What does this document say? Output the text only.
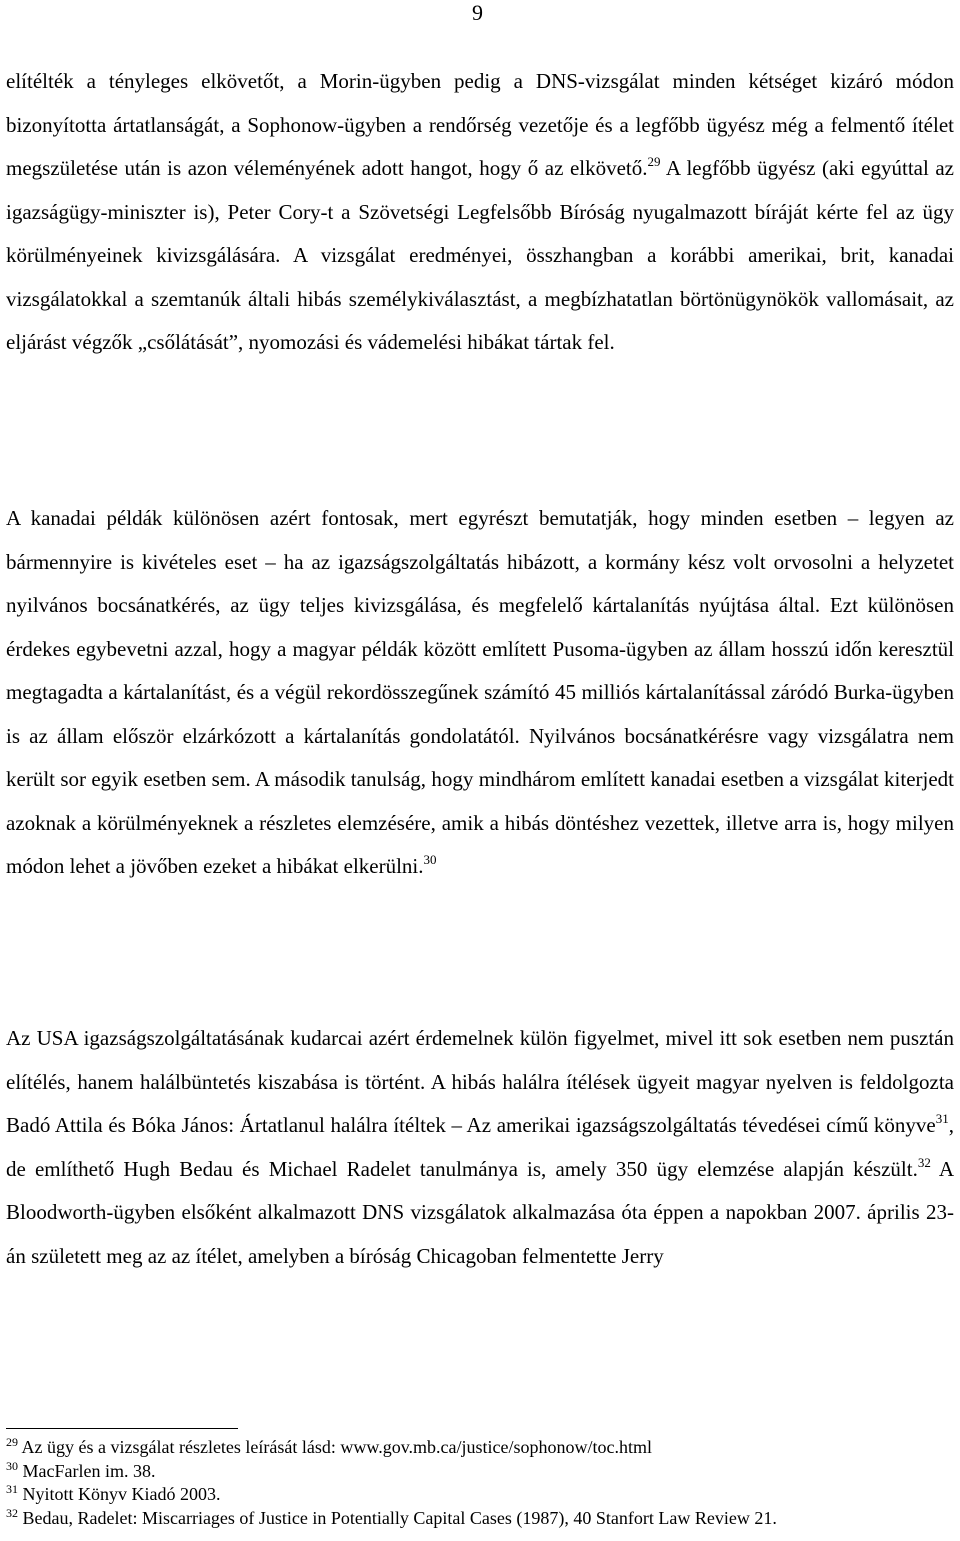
9

elítélték a tényleges elkövetőt, a Morin-ügyben pedig a DNS-vizsgálat minden kétséget kizáró módon bizonyította ártatlanságát, a Sophonow-ügyben a rendőrség vezetője és a legfőbb ügyész még a felmentő ítélet megszületése után is azon véleményének adott hangot, hogy ő az elkövető.$^{29}$ A legfőbb ügyész (aki egyúttal az igazságügy-miniszter is), Peter Cory-t a Szövetségi Legfelsőbb Bíróság nyugalmazott bíráját kérte fel az ügy körülményeinek kivizsgálására. A vizsgálat eredményei, összhangban a korábbi amerikai, brit, kanadai vizsgálatokkal a szemtanúk általi hibás személykiválasztást, a megbízhatatlan börtönügynökök vallomásait, az eljárást végzők „csőlátását”, nyomozási és vádemelési hibákat tártak fel.

A kanadai példák különösen azért fontosak, mert egyrészt bemutatják, hogy minden esetben – legyen az bármennyire is kivételes eset – ha az igazságszolgáltatás hibázott, a kormány kész volt orvosolni a helyzetet nyilvános bocsánatkérés, az ügy teljes kivizsgálása, és megfelelő kártalanítás nyújtása által. Ezt különösen érdekes egybevetni azzal, hogy a magyar példák között említett Pusoma-ügyben az állam hosszú időn keresztül megtagadta a kártalanítást, és a végül rekordösszegűnek számító 45 milliós kártalanítással záródó Burka-ügyben is az állam először elzárkózott a kártalanítás gondolatától. Nyilvános bocsánatkérésre vagy vizsgálatra nem került sor egyik esetben sem. A második tanulság, hogy mindhárom említett kanadai esetben a vizsgálat kiterjedt azoknak a körülményeknek a részletes elemzésére, amik a hibás döntéshez vezettek, illetve arra is, hogy milyen módon lehet a jövőben ezeket a hibákat elkerülni.$^{30}$

Az USA igazságszolgáltatásának kudarcai azért érdemelnek külön figyelmet, mivel itt sok esetben nem pusztán elítélés, hanem halálbüntetés kiszabása is történt. A hibás halálra ítélések ügyeit magyar nyelven is feldolgozta Badó Attila és Bóka János: Ártatlanul halálra ítéltek – Az amerikai igazságszolgáltatás tévedései című könyve$^{31}$, de említhető Hugh Bedau és Michael Radelet tanulmánya is, amely 350 ügy elemzése alapján készült.$^{32}$ A Bloodworth-ügyben elsőként alkalmazott DNS vizsgálatok alkalmazása óta éppen a napokban 2007. április 23-án született meg az az ítélet, amelyben a bíróság Chicagoban felmentette Jerry

$^{29}$ Az ügy és a vizsgálat részletes leírását lásd: www.gov.mb.ca/justice/sophonow/toc.html
$^{30}$ MacFarlen im. 38.
$^{31}$ Nyitott Könyv Kiadó 2003.
$^{32}$ Bedau, Radelet: Miscarriages of Justice in Potentially Capital Cases (1987), 40 Stanfort Law Review 21.
